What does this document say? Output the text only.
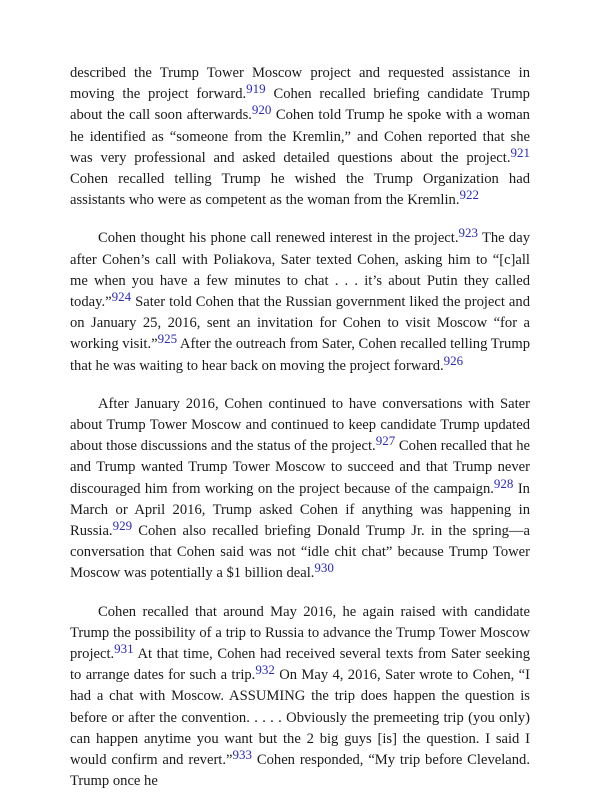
described the Trump Tower Moscow project and requested assistance in moving the project forward.919 Cohen recalled briefing candidate Trump about the call soon afterwards.920 Cohen told Trump he spoke with a woman he identified as “someone from the Kremlin,” and Cohen reported that she was very professional and asked detailed questions about the project.921 Cohen recalled telling Trump he wished the Trump Organization had assistants who were as competent as the woman from the Kremlin.922

Cohen thought his phone call renewed interest in the project.923 The day after Cohen’s call with Poliakova, Sater texted Cohen, asking him to “[c]all me when you have a few minutes to chat . . . it’s about Putin they called today.”924 Sater told Cohen that the Russian government liked the project and on January 25, 2016, sent an invitation for Cohen to visit Moscow “for a working visit.”925 After the outreach from Sater, Cohen recalled telling Trump that he was waiting to hear back on moving the project forward.926

After January 2016, Cohen continued to have conversations with Sater about Trump Tower Moscow and continued to keep candidate Trump updated about those discussions and the status of the project.927 Cohen recalled that he and Trump wanted Trump Tower Moscow to succeed and that Trump never discouraged him from working on the project because of the campaign.928 In March or April 2016, Trump asked Cohen if anything was happening in Russia.929 Cohen also recalled briefing Donald Trump Jr. in the spring—a conversation that Cohen said was not “idle chit chat” because Trump Tower Moscow was potentially a $1 billion deal.930

Cohen recalled that around May 2016, he again raised with candidate Trump the possibility of a trip to Russia to advance the Trump Tower Moscow project.931 At that time, Cohen had received several texts from Sater seeking to arrange dates for such a trip.932 On May 4, 2016, Sater wrote to Cohen, “I had a chat with Moscow. ASSUMING the trip does happen the question is before or after the convention. . . . . Obviously the premeeting trip (you only) can happen anytime you want but the 2 big guys [is] the question. I said I would confirm and revert.”933 Cohen responded, “My trip before Cleveland. Trump once he
